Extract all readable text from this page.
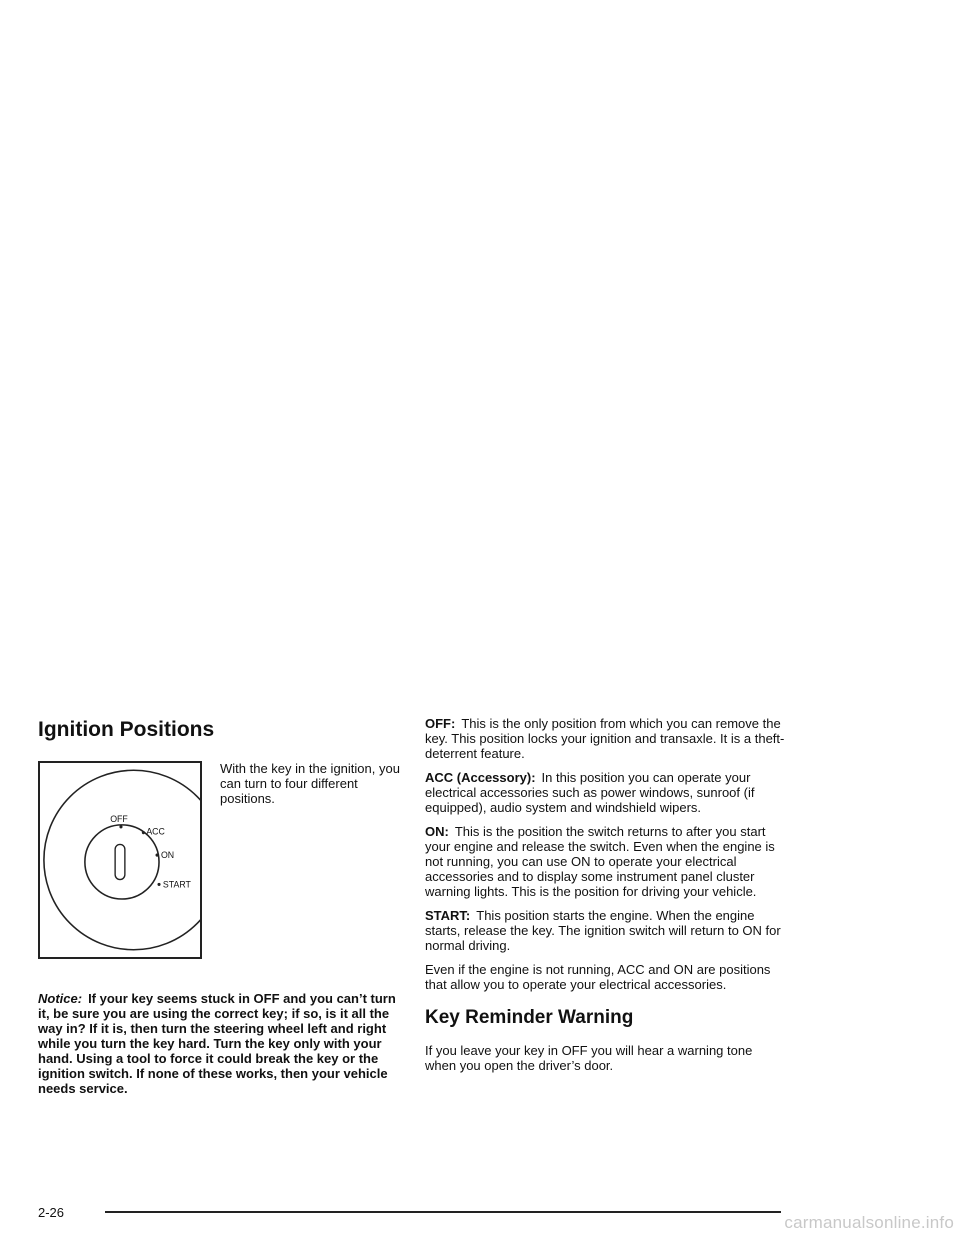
Ignition Positions
OFF
ACC
ON
START
With the key in the ignition, you can turn to four different positions.

Notice: If your key seems stuck in OFF and you can’t turn it, be sure you are using the correct key; if so, is it all the way in? If it is, then turn the steering wheel left and right while you turn the key hard. Turn the key only with your hand. Using a tool to force it could break the key or the ignition switch. If none of these works, then your vehicle needs service.

OFF: This is the only position from which you can remove the key. This position locks your ignition and transaxle. It is a theft-deterrent feature.

ACC (Accessory): In this position you can operate your electrical accessories such as power windows, sunroof (if equipped), audio system and windshield wipers.

ON: This is the position the switch returns to after you start your engine and release the switch. Even when the engine is not running, you can use ON to operate your electrical accessories and to display some instrument panel cluster warning lights. This is the position for driving your vehicle.

START: This position starts the engine. When the engine starts, release the key. The ignition switch will return to ON for normal driving.

Even if the engine is not running, ACC and ON are positions that allow you to operate your electrical accessories.

Key Reminder Warning

If you leave your key in OFF you will hear a warning tone when you open the driver’s door.

2-26
carmanualsonline.info
